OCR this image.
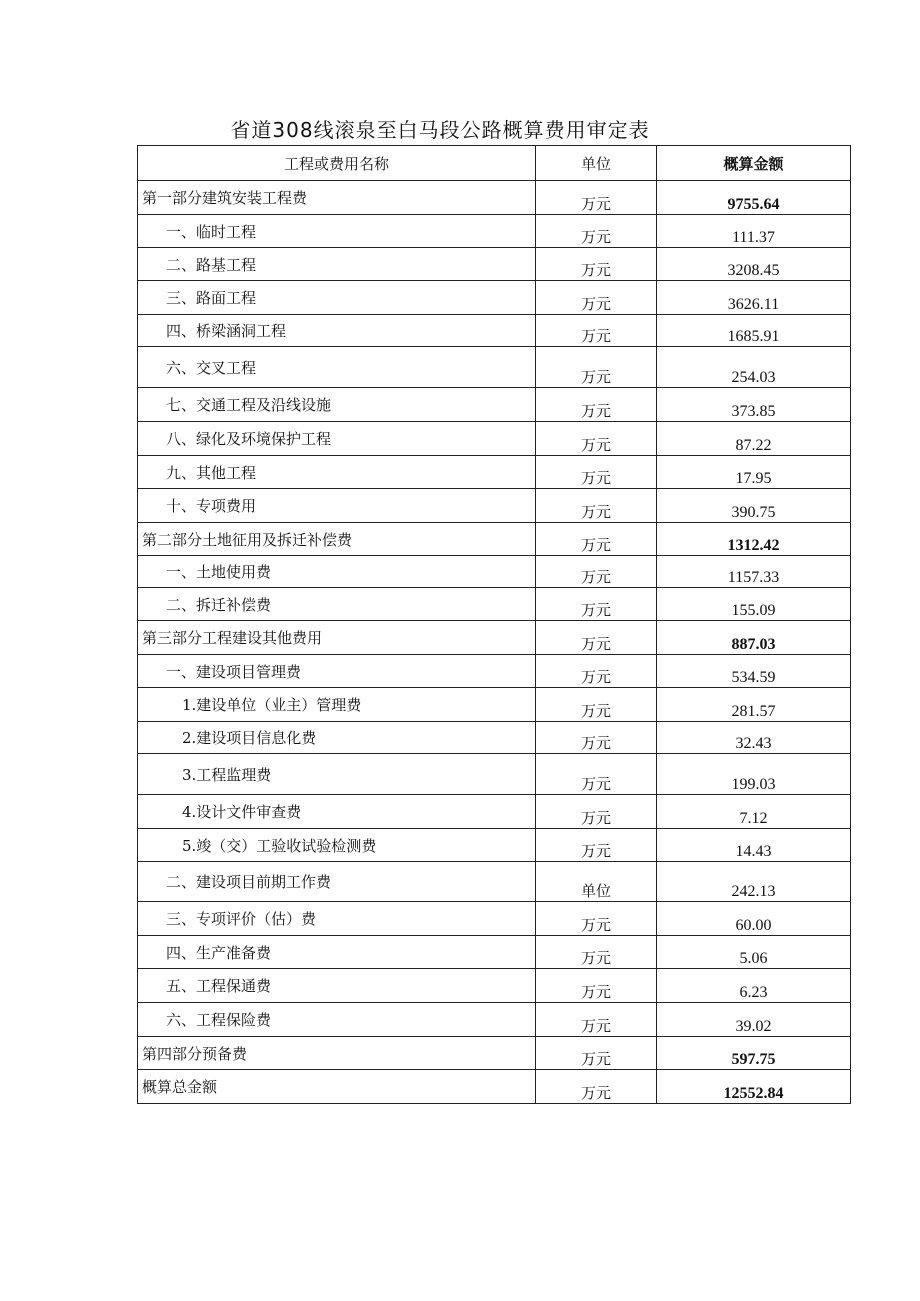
省道308线滚泉至白马段公路概算费用审定表
工程或费用名称	单位	概算金额
第一部分建筑安装工程费	万元	9755.64
一、临时工程	万元	111.37
二、路基工程	万元	3208.45
三、路面工程	万元	3626.11
四、桥梁涵洞工程	万元	1685.91
六、交叉工程	万元	254.03
七、交通工程及沿线设施	万元	373.85
八、绿化及环境保护工程	万元	87.22
九、其他工程	万元	17.95
十、专项费用	万元	390.75
第二部分土地征用及拆迁补偿费	万元	1312.42
一、土地使用费	万元	1157.33
二、拆迁补偿费	万元	155.09
第三部分工程建设其他费用	万元	887.03
一、建设项目管理费	万元	534.59
1.建设单位（业主）管理费	万元	281.57
2.建设项目信息化费	万元	32.43
3.工程监理费	万元	199.03
4.设计文件审查费	万元	7.12
5.竣（交）工验收试验检测费	万元	14.43
二、建设项目前期工作费	单位	242.13
三、专项评价（估）费	万元	60.00
四、生产准备费	万元	5.06
五、工程保通费	万元	6.23
六、工程保险费	万元	39.02
第四部分预备费	万元	597.75
概算总金额	万元	12552.84
